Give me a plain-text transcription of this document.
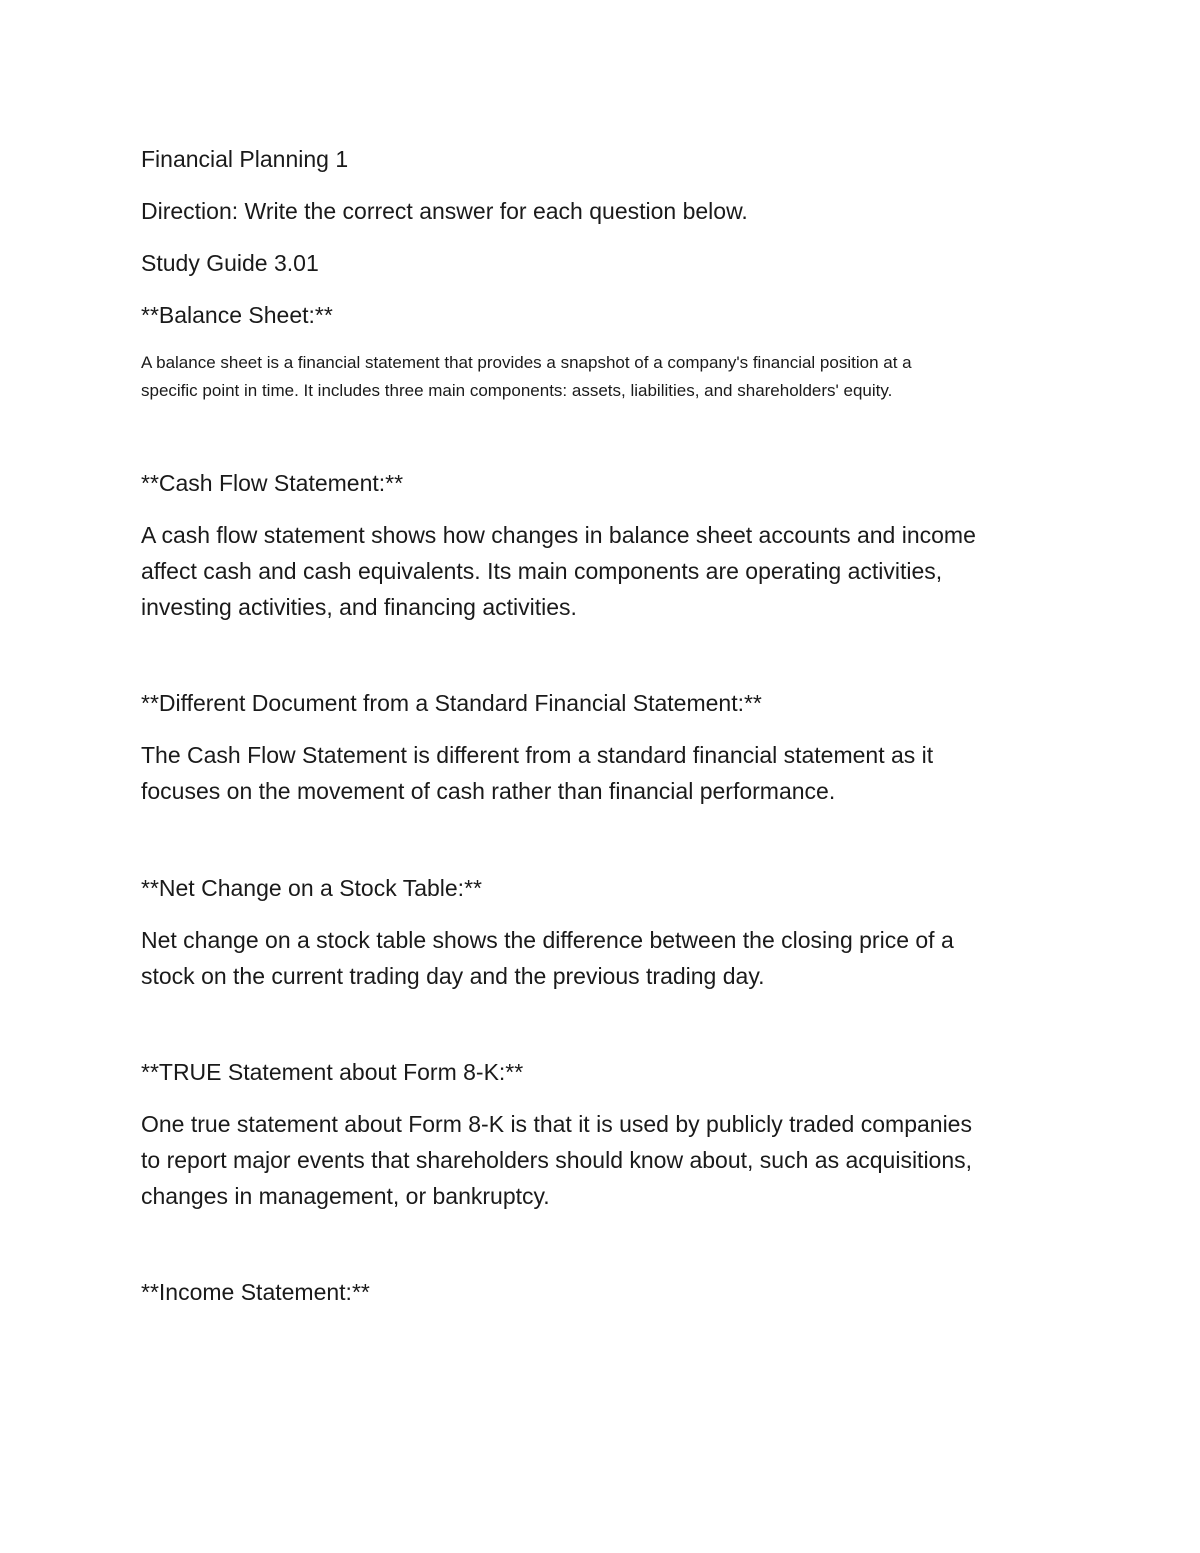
Financial Planning 1

Direction: Write the correct answer for each question below.

Study Guide 3.01

**Balance Sheet:**

A balance sheet is a financial statement that provides a snapshot of a company's financial position at a

specific point in time. It includes three main components: assets, liabilities, and shareholders' equity.

**Cash Flow Statement:**

A cash flow statement shows how changes in balance sheet accounts and income

affect cash and cash equivalents. Its main components are operating activities,

investing activities, and financing activities.

**Different Document from a Standard Financial Statement:**

The Cash Flow Statement is different from a standard financial statement as it

focuses on the movement of cash rather than financial performance.

**Net Change on a Stock Table:**

Net change on a stock table shows the difference between the closing price of a

stock on the current trading day and the previous trading day.

**TRUE Statement about Form 8-K:**

One true statement about Form 8-K is that it is used by publicly traded companies

to report major events that shareholders should know about, such as acquisitions,

changes in management, or bankruptcy.

**Income Statement:**
